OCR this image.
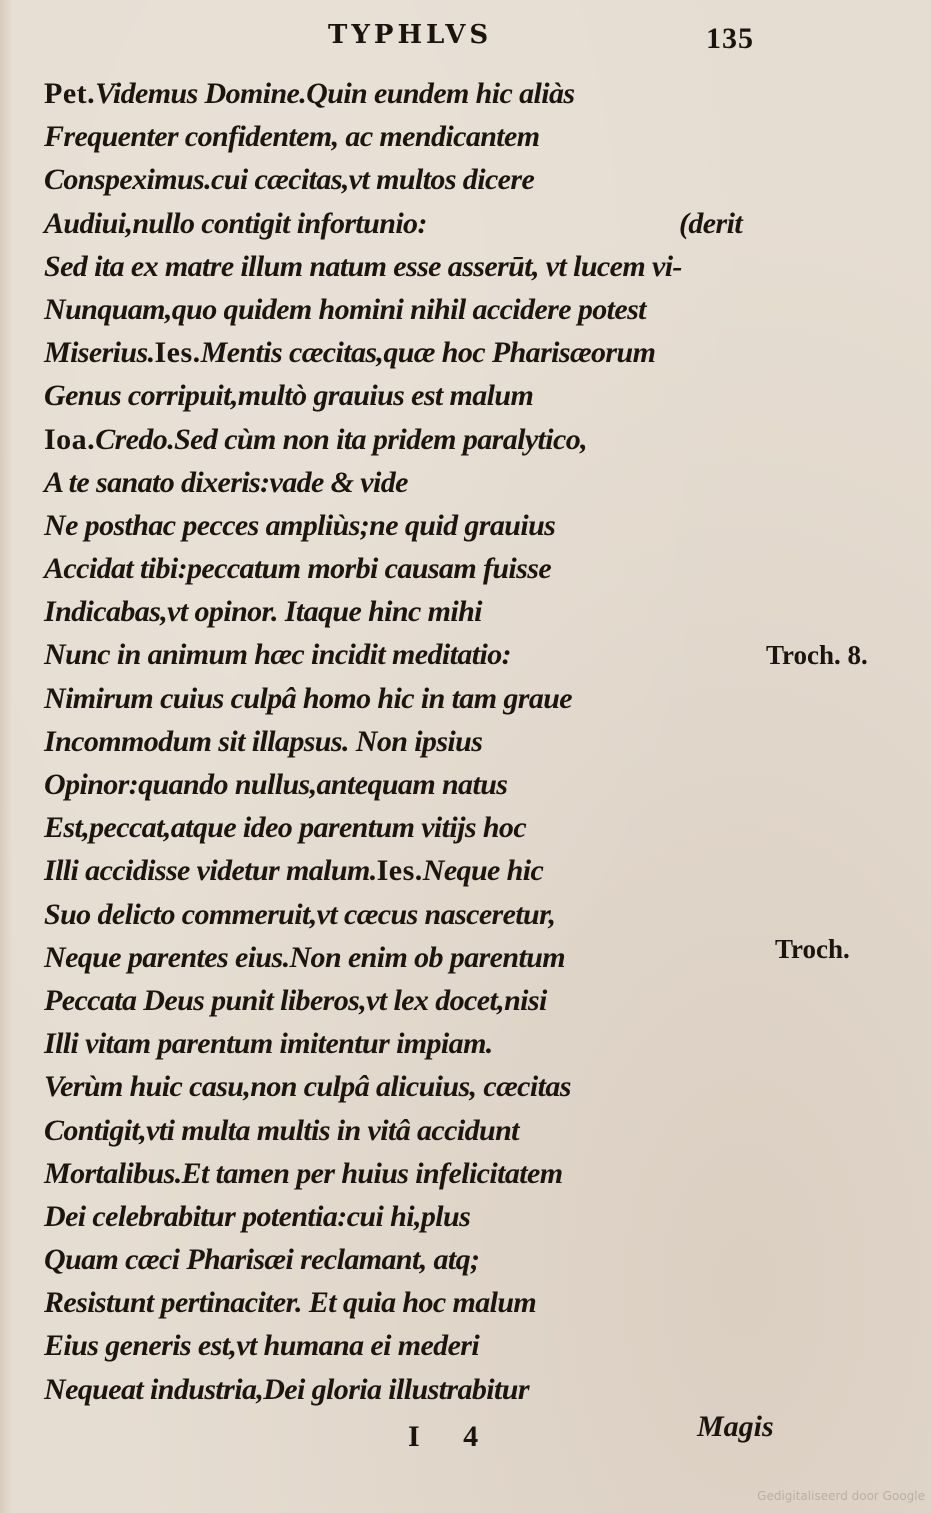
TYPHLVS	135
Pet.Videmus Domine.Quin eundem hic aliàs
Frequenter confidentem, ac mendicantem
Conspeximus.cui cæcitas,vt multos dicere
Audiui,nullo contigit infortunio:	(derit
Sed ita ex matre illum natum esse asserūt, vt lucem vi-
Nunquam,quo quidem homini nihil accidere potest
Miserius.Ies.Mentis cæcitas,quæ hoc Pharisæorum
Genus corripuit,multò grauius est malum
Ioa.Credo.Sed cùm non ita pridem paralytico,
A te sanato dixeris:vade & vide
Ne posthac pecces ampliùs;ne quid grauius
Accidat tibi:peccatum morbi causam fuisse
Indicabas,vt opinor. Itaque hinc mihi
Nunc in animum hæc incidit meditatio:
Nimirum cuius culpâ homo hic in tam graue
Incommodum sit illapsus. Non ipsius
Opinor:quando nullus,antequam natus
Est,peccat,atque ideo parentum vitijs hoc
Illi accidisse videtur malum.Ies.Neque hic
Suo delicto commeruit,vt cæcus nasceretur,
Neque parentes eius.Non enim ob parentum
Peccata Deus punit liberos,vt lex docet,nisi
Illi vitam parentum imitentur impiam.
Verùm huic casu,non culpâ alicuius, cæcitas
Contigit,vti multa multis in vitâ accidunt
Mortalibus.Et tamen per huius infelicitatem
Dei celebrabitur potentia:cui hi,plus
Quam cæci Pharisæi reclamant, atq;
Resistunt pertinaciter. Et quia hoc malum
Eius generis est,vt humana ei mederi
Nequeat industria,Dei gloria illustrabitur
Troch. 8.
Troch.
I 4	Magis
Gedigitaliseerd door Google
